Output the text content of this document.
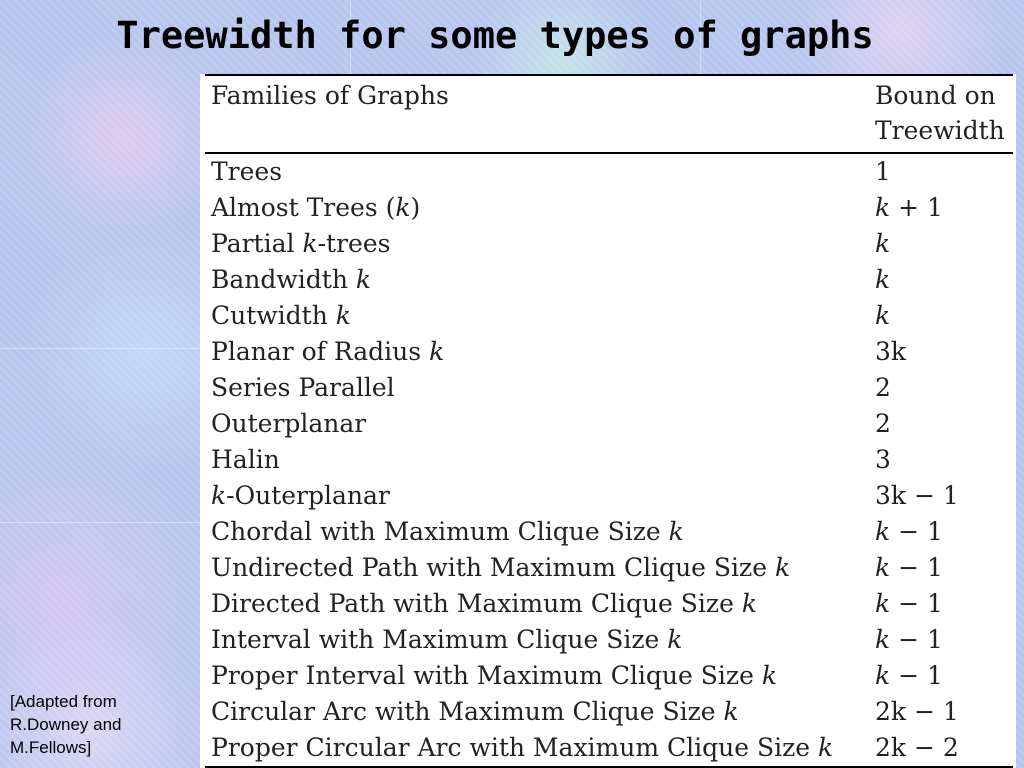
Treewidth for some types of graphs
Families of Graphs	Bound on Treewidth
Trees	1
Almost Trees (k)	k + 1
Partial k-trees	k
Bandwidth k	k
Cutwidth k	k
Planar of Radius k	3k
Series Parallel	2
Outerplanar	2
Halin	3
k-Outerplanar	3k − 1
Chordal with Maximum Clique Size k	k − 1
Undirected Path with Maximum Clique Size k	k − 1
Directed Path with Maximum Clique Size k	k − 1
Interval with Maximum Clique Size k	k − 1
Proper Interval with Maximum Clique Size k	k − 1
Circular Arc with Maximum Clique Size k	2k − 1
Proper Circular Arc with Maximum Clique Size k	2k − 2
[Adapted from R.Downey and M.Fellows]
